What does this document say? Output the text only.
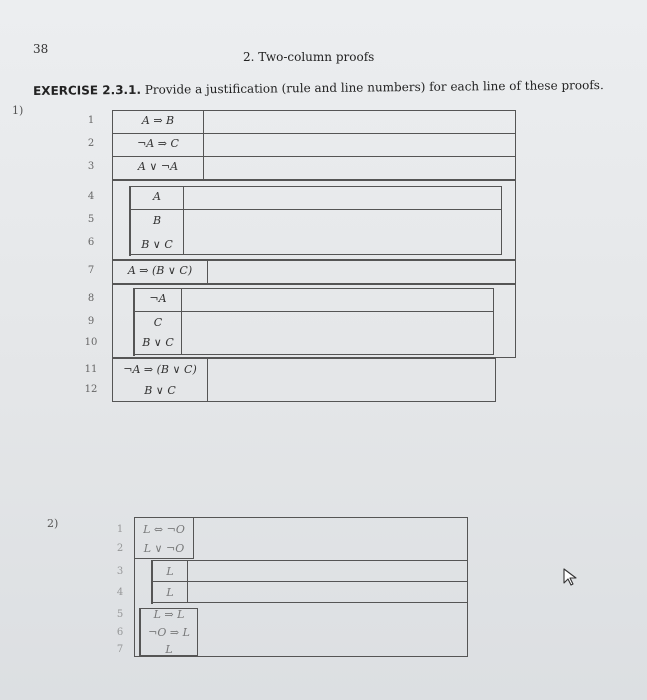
38
2. Two-column proofs
EXERCISE 2.3.1. Provide a justification (rule and line numbers) for each line of these proofs.
1)
1
2
3
4
5
6
7
8
9
10
11
12
A ⇒ B
¬A ⇒ C
A ∨ ¬A
A
B
B ∨ C
A ⇒ (B ∨ C)
¬A
C
B ∨ C
¬A ⇒ (B ∨ C)
B ∨ C
2)	1
2
3
4
5
6
7
L ⇔ ¬O
L ∨ ¬O
L
L
L ⇒ L
¬O ⇒ L
L
